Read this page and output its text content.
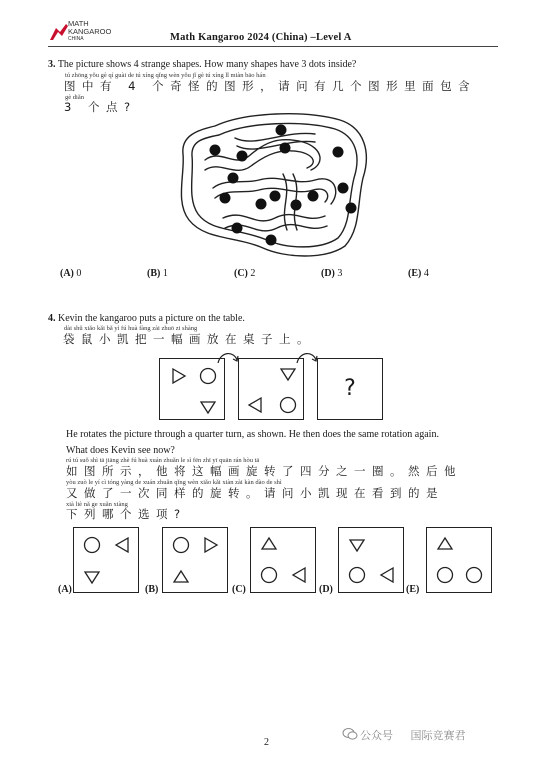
MATH
KANGAROO
CHINA	Math Kangaroo 2024 (China) –Level A
3. The picture shows 4 strange shapes. How many shapes have 3 dots inside?
tú zhōng yǒu gè qí guài de tú xíng qǐng wèn yǒu jǐ gè tú xíng lǐ miàn bāo hán
图中有 4 个奇怪的图形，请问有几个图形里面包含
gè diǎn
3 个点?
(A) 0	(B) 1	(C) 2	(D) 3	(E) 4
4. Kevin the kangaroo puts a picture on the table.
dài shǔ xiǎo kǎi bǎ yì fú huà fàng zài zhuō zi shàng
袋鼠小凯把一幅画放在桌子上。
?
He rotates the picture through a quarter turn, as shown. He then does the same rotation again.
What does Kevin see now?
rú tú suǒ shì tā jiāng zhè fú huà xuán zhuǎn le sì fēn zhī yī quān rán hòu tā
如图所示，他将这幅画旋转了四分之一圈。然后他
yòu zuò le yí cì tóng yàng de xuán zhuǎn qǐng wèn xiǎo kǎi xiàn zài kàn dào de shì
又做了一次同样的旋转。请问小凯现在看到的是
xià liè nǎ ge xuǎn xiàng
下列哪个选项?
(A)	(B)	(C)	(D)	(E)
2
公众号 国际竞赛君
